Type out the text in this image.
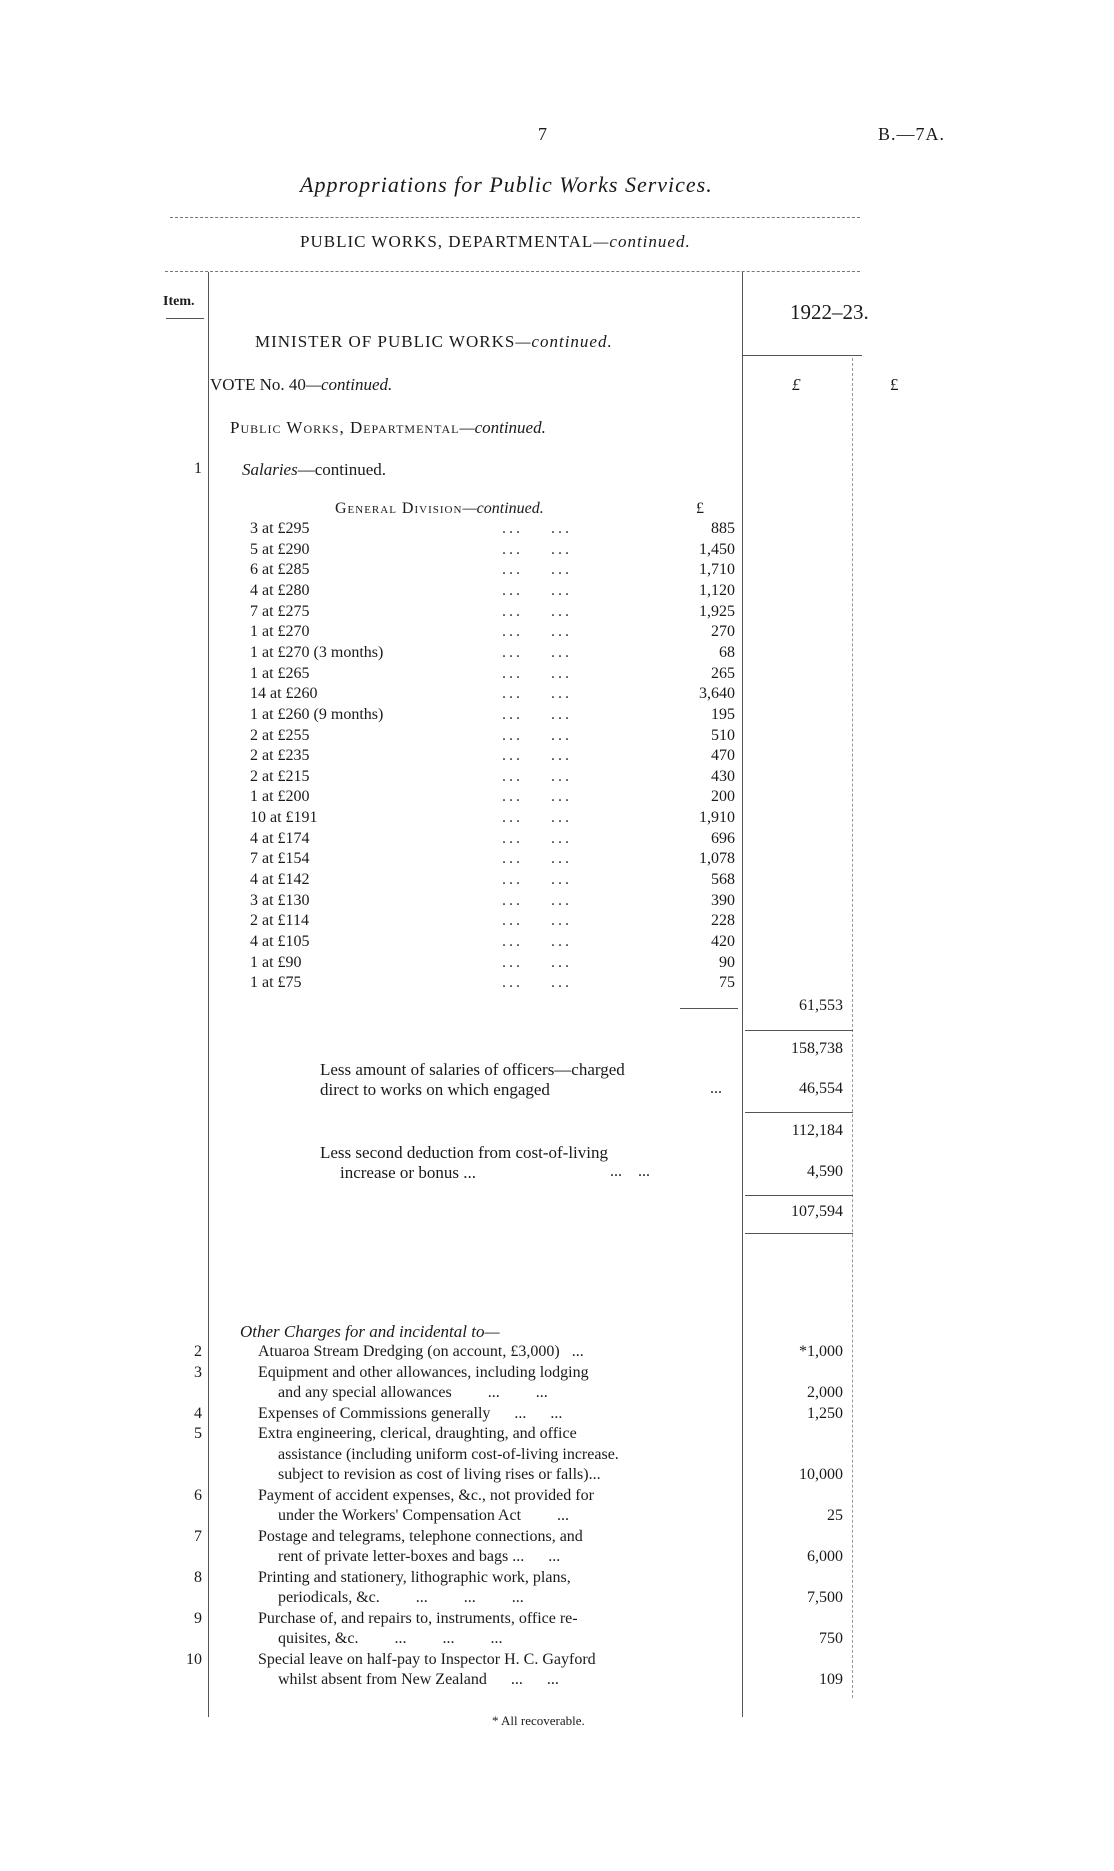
7	B.—7A.
Appropriations for Public Works Services.
PUBLIC WORKS, DEPARTMENTAL—continued.
Item.	1922–23.
£	£
MINISTER OF PUBLIC WORKS—continued.
VOTE No. 40—continued.
Public Works, Departmental—continued.
1 Salaries—continued.
General Division—continued.	£
3 at £295	...    ...	885
5 at £290	...    ...	1,450
6 at £285	...    ...	1,710
4 at £280	...    ...	1,120
7 at £275	...    ...	1,925
1 at £270	...    ...	270
1 at £270 (3 months)	...    ...	68
1 at £265	...    ...	265
14 at £260	...    ...	3,640
1 at £260 (9 months)	...    ...	195
2 at £255	...    ...	510
2 at £235	...    ...	470
2 at £215	...    ...	430
1 at £200	...    ...	200
10 at £191	...    ...	1,910
4 at £174	...    ...	696
7 at £154	...    ...	1,078
4 at £142	...    ...	568
3 at £130	...    ...	390
2 at £114	...    ...	228
4 at £105	...    ...	420
1 at £90	...    ...	90
1 at £75	...    ...	75
61,553
158,738
Less amount of salaries of officers—charged
direct to works on which engaged	...	46,554
112,184
Less second deduction from cost-of-living
increase or bonus ...	...    ...	4,590
107,594
Other Charges for and incidental to—
2	Atuaroa Stream Dredging (on account, £3,000)   ...	*1,000
3	Equipment and other allowances, including lodging
and any special allowances         ...         ...	2,000
4	Expenses of Commissions generally      ...      ...	1,250
5	Extra engineering, clerical, draughting, and office
assistance (including uniform cost-of-living increase.
subject to revision as cost of living rises or falls)...	10,000
6	Payment of accident expenses, &c., not provided for
under the Workers' Compensation Act         ...	25
7	Postage and telegrams, telephone connections, and
rent of private letter-boxes and bags ...      ...	6,000
8	Printing and stationery, lithographic work, plans,
periodicals, &c.         ...         ...         ...	7,500
9	Purchase of, and repairs to, instruments, office re-
quisites, &c.         ...         ...         ...	750
10	Special leave on half-pay to Inspector H. C. Gayford
whilst absent from New Zealand      ...      ...	109
* All recoverable.
